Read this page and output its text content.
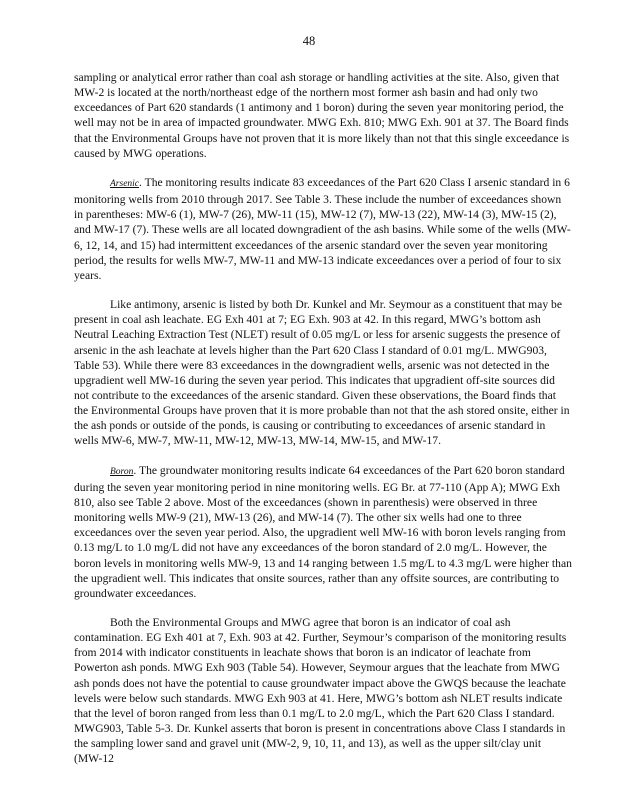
48

sampling or analytical error rather than coal ash storage or handling activities at the site. Also, given that MW-2 is located at the north/northeast edge of the northern most former ash basin and had only two exceedances of Part 620 standards (1 antimony and 1 boron) during the seven year monitoring period, the well may not be in area of impacted groundwater. MWG Exh. 810; MWG Exh. 901 at 37. The Board finds that the Environmental Groups have not proven that it is more likely than not that this single exceedance is caused by MWG operations.

Arsenic. The monitoring results indicate 83 exceedances of the Part 620 Class I arsenic standard in 6 monitoring wells from 2010 through 2017. See Table 3. These include the number of exceedances shown in parentheses: MW-6 (1), MW-7 (26), MW-11 (15), MW-12 (7), MW-13 (22), MW-14 (3), MW-15 (2), and MW-17 (7). These wells are all located downgradient of the ash basins. While some of the wells (MW-6, 12, 14, and 15) had intermittent exceedances of the arsenic standard over the seven year monitoring period, the results for wells MW-7, MW-11 and MW-13 indicate exceedances over a period of four to six years.

Like antimony, arsenic is listed by both Dr. Kunkel and Mr. Seymour as a constituent that may be present in coal ash leachate. EG Exh 401 at 7; EG Exh. 903 at 42. In this regard, MWG’s bottom ash Neutral Leaching Extraction Test (NLET) result of 0.05 mg/L or less for arsenic suggests the presence of arsenic in the ash leachate at levels higher than the Part 620 Class I standard of 0.01 mg/L. MWG903, Table 53). While there were 83 exceedances in the downgradient wells, arsenic was not detected in the upgradient well MW-16 during the seven year period. This indicates that upgradient off-site sources did not contribute to the exceedances of the arsenic standard. Given these observations, the Board finds that the Environmental Groups have proven that it is more probable than not that the ash stored onsite, either in the ash ponds or outside of the ponds, is causing or contributing to exceedances of arsenic standard in wells MW-6, MW-7, MW-11, MW-12, MW-13, MW-14, MW-15, and MW-17.

Boron. The groundwater monitoring results indicate 64 exceedances of the Part 620 boron standard during the seven year monitoring period in nine monitoring wells. EG Br. at 77-110 (App A); MWG Exh 810, also see Table 2 above. Most of the exceedances (shown in parenthesis) were observed in three monitoring wells MW-9 (21), MW-13 (26), and MW-14 (7). The other six wells had one to three exceedances over the seven year period. Also, the upgradient well MW-16 with boron levels ranging from 0.13 mg/L to 1.0 mg/L did not have any exceedances of the boron standard of 2.0 mg/L. However, the boron levels in monitoring wells MW-9, 13 and 14 ranging between 1.5 mg/L to 4.3 mg/L were higher than the upgradient well. This indicates that onsite sources, rather than any offsite sources, are contributing to groundwater exceedances.

Both the Environmental Groups and MWG agree that boron is an indicator of coal ash contamination. EG Exh 401 at 7, Exh. 903 at 42. Further, Seymour’s comparison of the monitoring results from 2014 with indicator constituents in leachate shows that boron is an indicator of leachate from Powerton ash ponds. MWG Exh 903 (Table 54). However, Seymour argues that the leachate from MWG ash ponds does not have the potential to cause groundwater impact above the GWQS because the leachate levels were below such standards. MWG Exh 903 at 41. Here, MWG’s bottom ash NLET results indicate that the level of boron ranged from less than 0.1 mg/L to 2.0 mg/L, which the Part 620 Class I standard. MWG903, Table 5-3. Dr. Kunkel asserts that boron is present in concentrations above Class I standards in the sampling lower sand and gravel unit (MW-2, 9, 10, 11, and 13), as well as the upper silt/clay unit (MW-12
